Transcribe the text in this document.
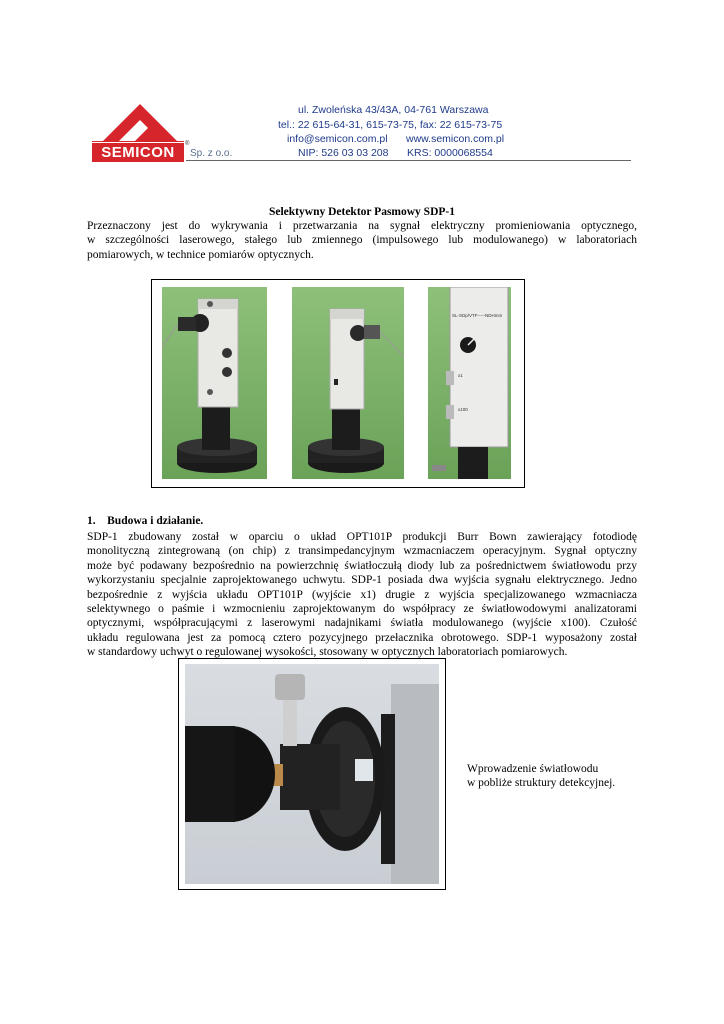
SEMICON	®
Sp. z o.o.
ul. Zwoleńska 43/43A, 04-761 Warszawa
tel.: 22 615-64-31, 615-73-75, fax: 22 615-73-75
info@semicon.com.pl www.semicon.com.pl
NIP: 526 03 03 208 KRS: 0000068554
Selektywny Detektor Pasmowy SDP-1
Przeznaczony jest do wykrywania i przetwarzania na sygnał elektryczny promieniowania optycznego,
w szczególności laserowego, stałego lub zmiennego (impulsowego lub modulowanego) w laboratoriach
pomiarowych, w technice pomiarów optycznych.
SL-SDp/VTF-----NDHmm
x1
x100
1.    Budowa i działanie.
SDP-1 zbudowany został w oparciu o układ OPT101P produkcji Burr Bown zawierający fotodiodę
monolityczną zintegrowaną (on chip) z transimpedancyjnym wzmacniaczem operacyjnym. Sygnał optyczny
może być podawany bezpośrednio na powierzchnię światłoczułą diody lub za pośrednictwem światłowodu przy
wykorzystaniu specjalnie zaprojektowanego uchwytu. SDP-1 posiada dwa wyjścia sygnału elektrycznego. Jedno
bezpośrednie z wyjścia układu OPT101P (wyjście x1) drugie z wyjścia specjalizowanego wzmacniacza
selektywnego o paśmie i wzmocnieniu zaprojektowanym do współpracy ze światłowodowymi analizatorami
optycznymi, współpracującymi z laserowymi nadajnikami światła modulowanego (wyjście x100). Czułość
układu regulowana jest za pomocą cztero pozycyjnego przełacznika obrotowego. SDP-1 wyposażony został
w standardowy uchwyt o regulowanej wysokości, stosowany w optycznych laboratoriach pomiarowych.
Wprowadzenie światłowodu
w pobliże struktury detekcyjnej.
